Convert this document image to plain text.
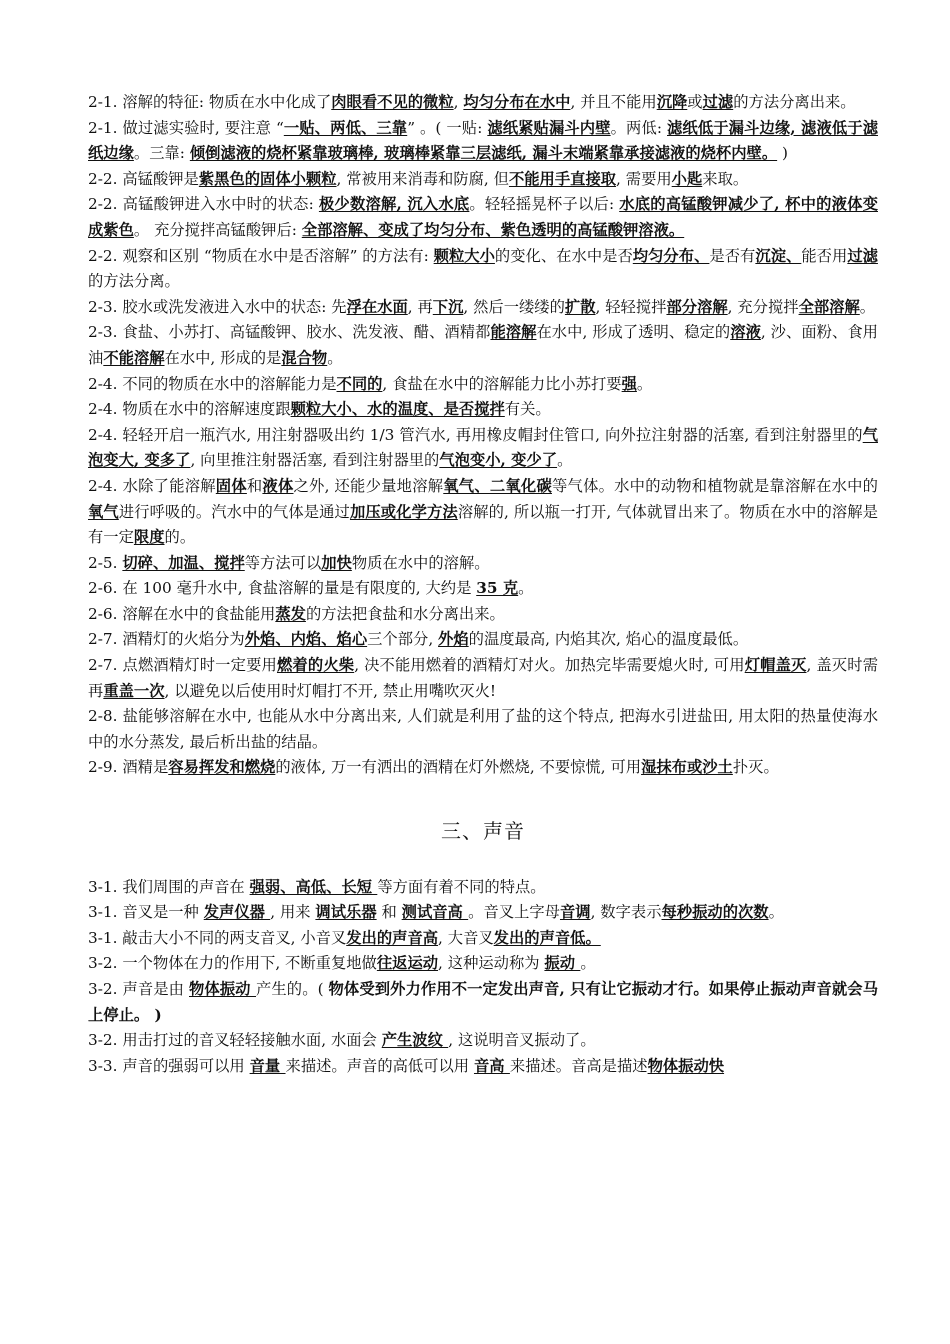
2-1. 溶解的特征: 物质在水中化成了肉眼看不见的微粒, 均匀分布在水中, 并且不能用沉降或过滤的方法分离出来。

2-1. 做过滤实验时, 要注意 “一贴、两低、三靠” 。( 一贴: 滤纸紧贴漏斗内壁。两低: 滤纸低于漏斗边缘, 滤液低于滤纸边缘。三靠: 倾倒滤液的烧杯紧靠玻璃棒, 玻璃棒紧靠三层滤纸, 漏斗末端紧靠承接滤液的烧杯内壁。 )

2-2. 高锰酸钾是紫黑色的固体小颗粒, 常被用来消毒和防腐, 但不能用手直接取, 需要用小匙来取。

2-2. 高锰酸钾进入水中时的状态: 极少数溶解, 沉入水底。轻轻摇晃杯子以后: 水底的高锰酸钾减少了, 杯中的液体变成紫色。 充分搅拌高锰酸钾后: 全部溶解、变成了均匀分布、紫色透明的高锰酸钾溶液。

2-2. 观察和区别 “物质在水中是否溶解” 的方法有: 颗粒大小的变化、在水中是否均匀分布、是否有沉淀、能否用过滤的方法分离。

2-3. 胶水或洗发液进入水中的状态: 先浮在水面, 再下沉, 然后一缕缕的扩散, 轻轻搅拌部分溶解, 充分搅拌全部溶解。

2-3. 食盐、小苏打、高锰酸钾、胶水、洗发液、醋、酒精都能溶解在水中, 形成了透明、稳定的溶液, 沙、面粉、食用油不能溶解在水中, 形成的是混合物。

2-4. 不同的物质在水中的溶解能力是不同的, 食盐在水中的溶解能力比小苏打要强。

2-4. 物质在水中的溶解速度跟颗粒大小、水的温度、是否搅拌有关。

2-4. 轻轻开启一瓶汽水, 用注射器吸出约 1/3 管汽水, 再用橡皮帽封住管口, 向外拉注射器的活塞, 看到注射器里的气泡变大, 变多了, 向里推注射器活塞, 看到注射器里的气泡变小, 变少了。

2-4. 水除了能溶解固体和液体之外, 还能少量地溶解氧气、二氧化碳等气体。水中的动物和植物就是靠溶解在水中的氧气进行呼吸的。汽水中的气体是通过加压或化学方法溶解的, 所以瓶一打开, 气体就冒出来了。物质在水中的溶解是有一定限度的。

2-5. 切碎、加温、搅拌等方法可以加快物质在水中的溶解。

2-6. 在 100 毫升水中, 食盐溶解的量是有限度的, 大约是 35 克。

2-6. 溶解在水中的食盐能用蒸发的方法把食盐和水分离出来。

2-7. 酒精灯的火焰分为外焰、内焰、焰心三个部分, 外焰的温度最高, 内焰其次, 焰心的温度最低。

2-7. 点燃酒精灯时一定要用燃着的火柴, 决不能用燃着的酒精灯对火。加热完毕需要熄火时, 可用灯帽盖灭, 盖灭时需再重盖一次, 以避免以后使用时灯帽打不开, 禁止用嘴吹灭火!

2-8. 盐能够溶解在水中, 也能从水中分离出来, 人们就是利用了盐的这个特点, 把海水引进盐田, 用太阳的热量使海水中的水分蒸发, 最后析出盐的结晶。

2-9. 酒精是容易挥发和燃烧的液体, 万一有洒出的酒精在灯外燃烧, 不要惊慌, 可用湿抹布或沙土扑灭。

三、声音

3-1. 我们周围的声音在 强弱、高低、长短 等方面有着不同的特点。

3-1. 音叉是一种 发声仪器 , 用来 调试乐器 和 测试音高 。音叉上字母音调, 数字表示每秒振动的次数。

3-1. 敲击大小不同的两支音叉, 小音叉发出的声音高, 大音叉发出的声音低。

3-2. 一个物体在力的作用下, 不断重复地做往返运动, 这种运动称为 振动 。

3-2. 声音是由 物体振动 产生的。( 物体受到外力作用不一定发出声音, 只有让它振动才行。如果停止振动声音就会马上停止。 )

3-2. 用击打过的音叉轻轻接触水面, 水面会 产生波纹 , 这说明音叉振动了。

3-3. 声音的强弱可以用 音量 来描述。声音的高低可以用 音高 来描述。音高是描述物体振动快
